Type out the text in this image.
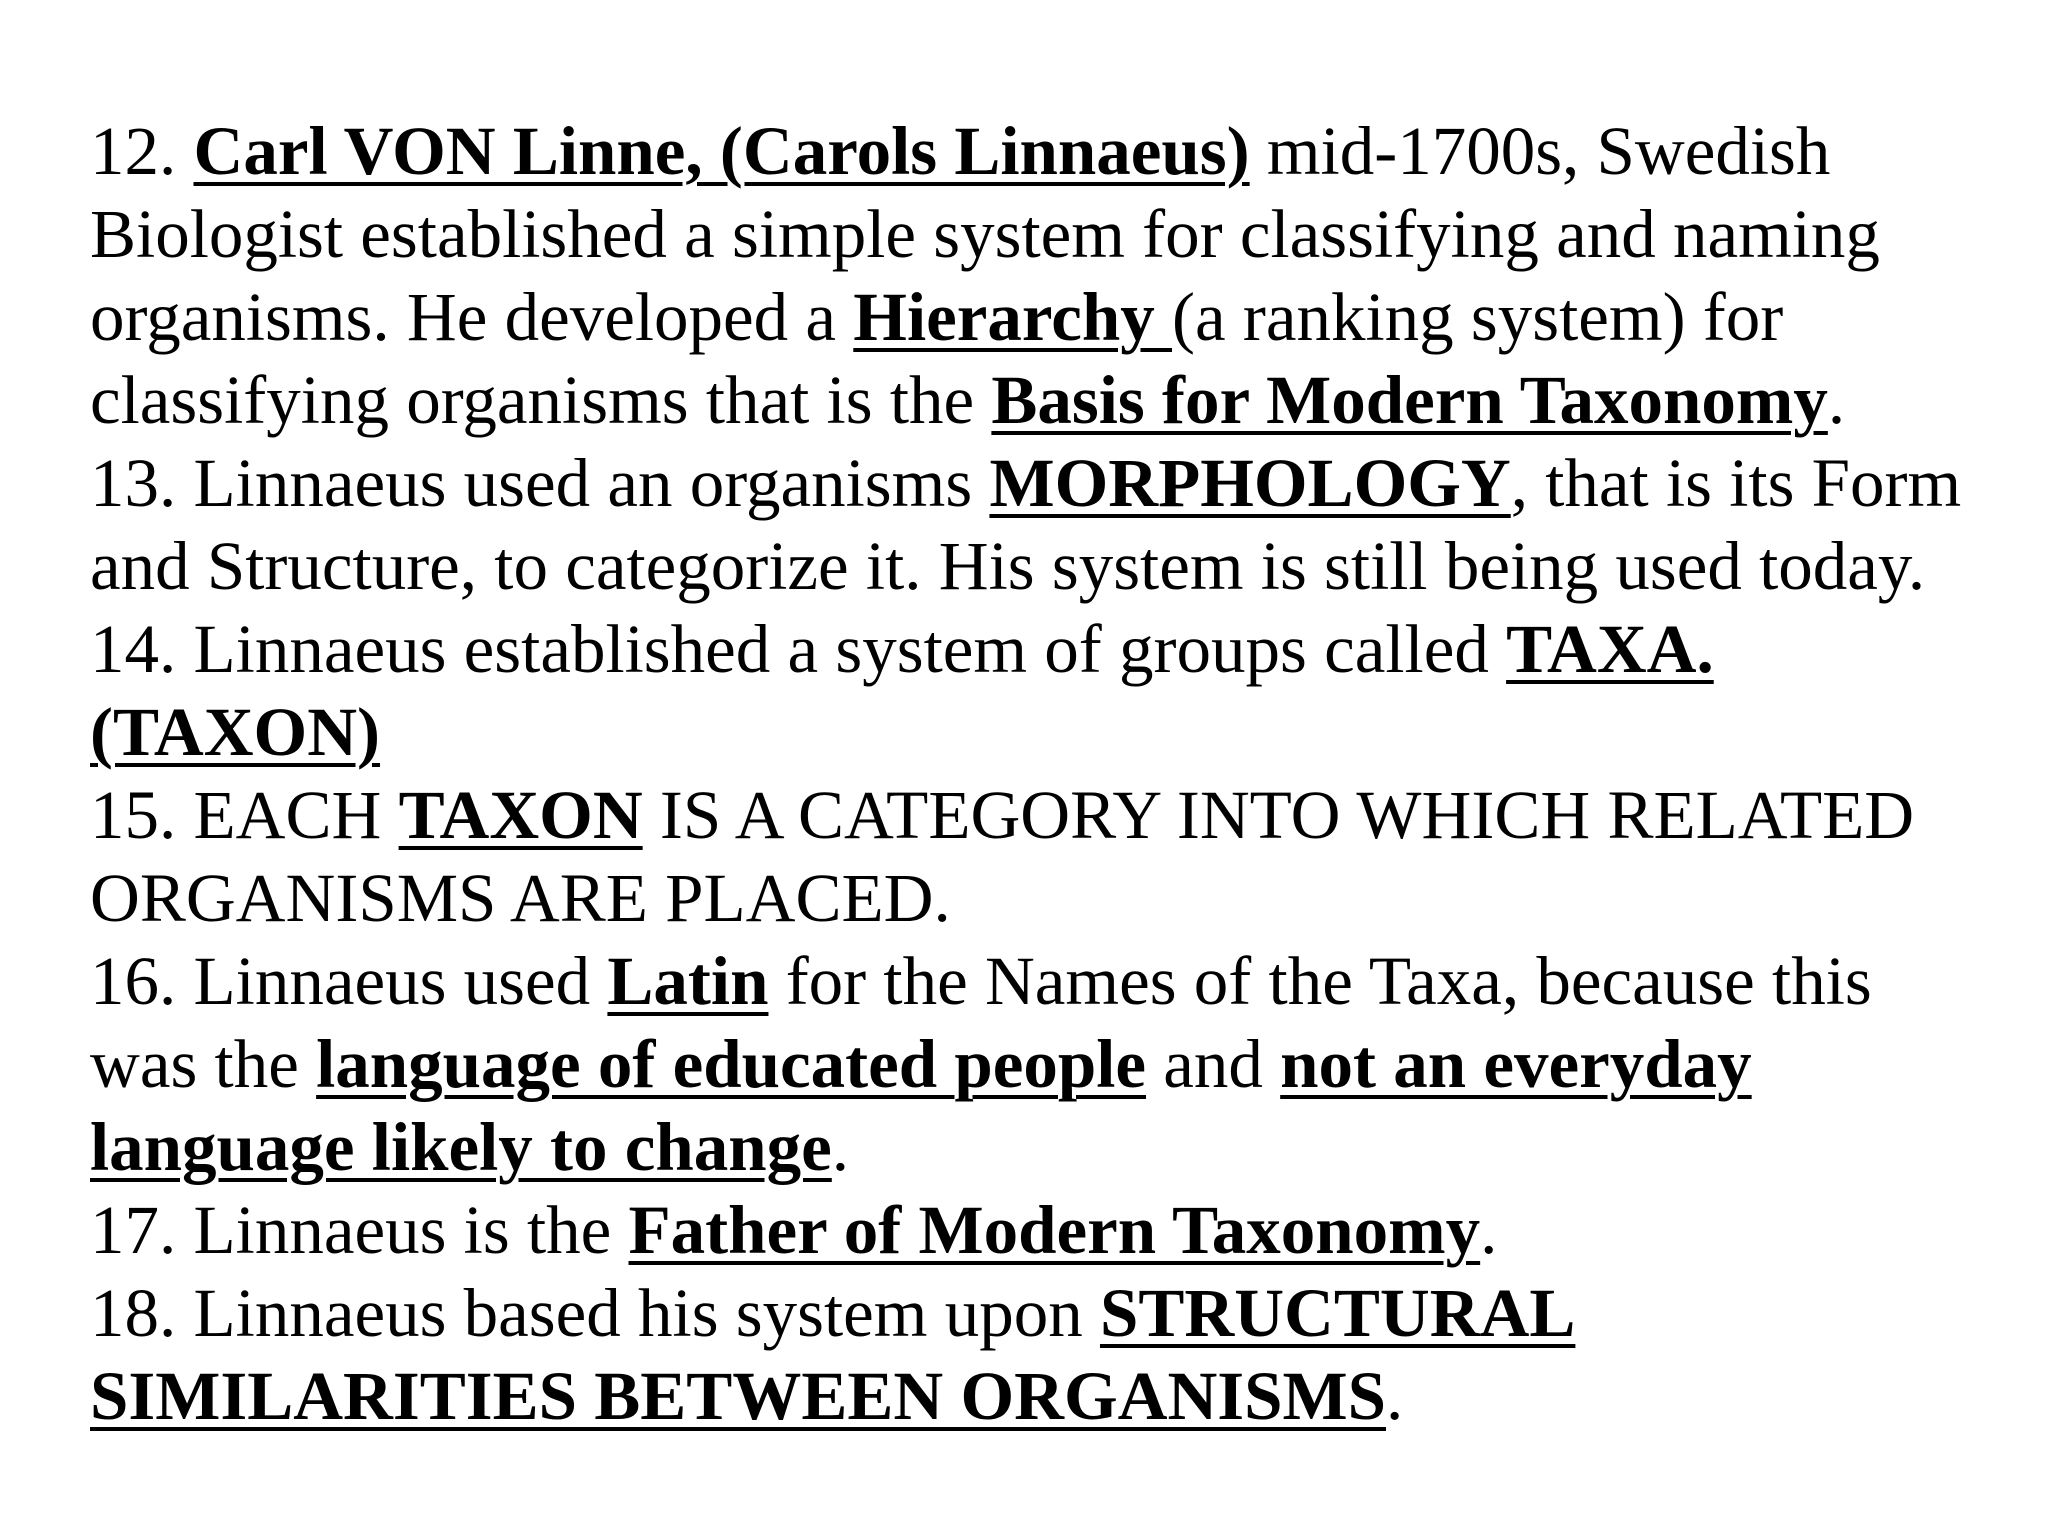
12. Carl VON Linne, (Carols Linnaeus) mid-1700s, Swedish Biologist established a simple system for classifying and naming organisms. He developed a Hierarchy (a ranking system) for classifying organisms that is the Basis for Modern Taxonomy.

13. Linnaeus used an organisms MORPHOLOGY, that is its Form and Structure, to categorize it. His system is still being used today.

14. Linnaeus established a system of groups called TAXA. (TAXON)

15. EACH TAXON IS A CATEGORY INTO WHICH RELATED ORGANISMS ARE PLACED.

16. Linnaeus used Latin for the Names of the Taxa, because this was the language of educated people and not an everyday language likely to change.

17. Linnaeus is the Father of Modern Taxonomy.

18. Linnaeus based his system upon STRUCTURAL SIMILARITIES BETWEEN ORGANISMS.
